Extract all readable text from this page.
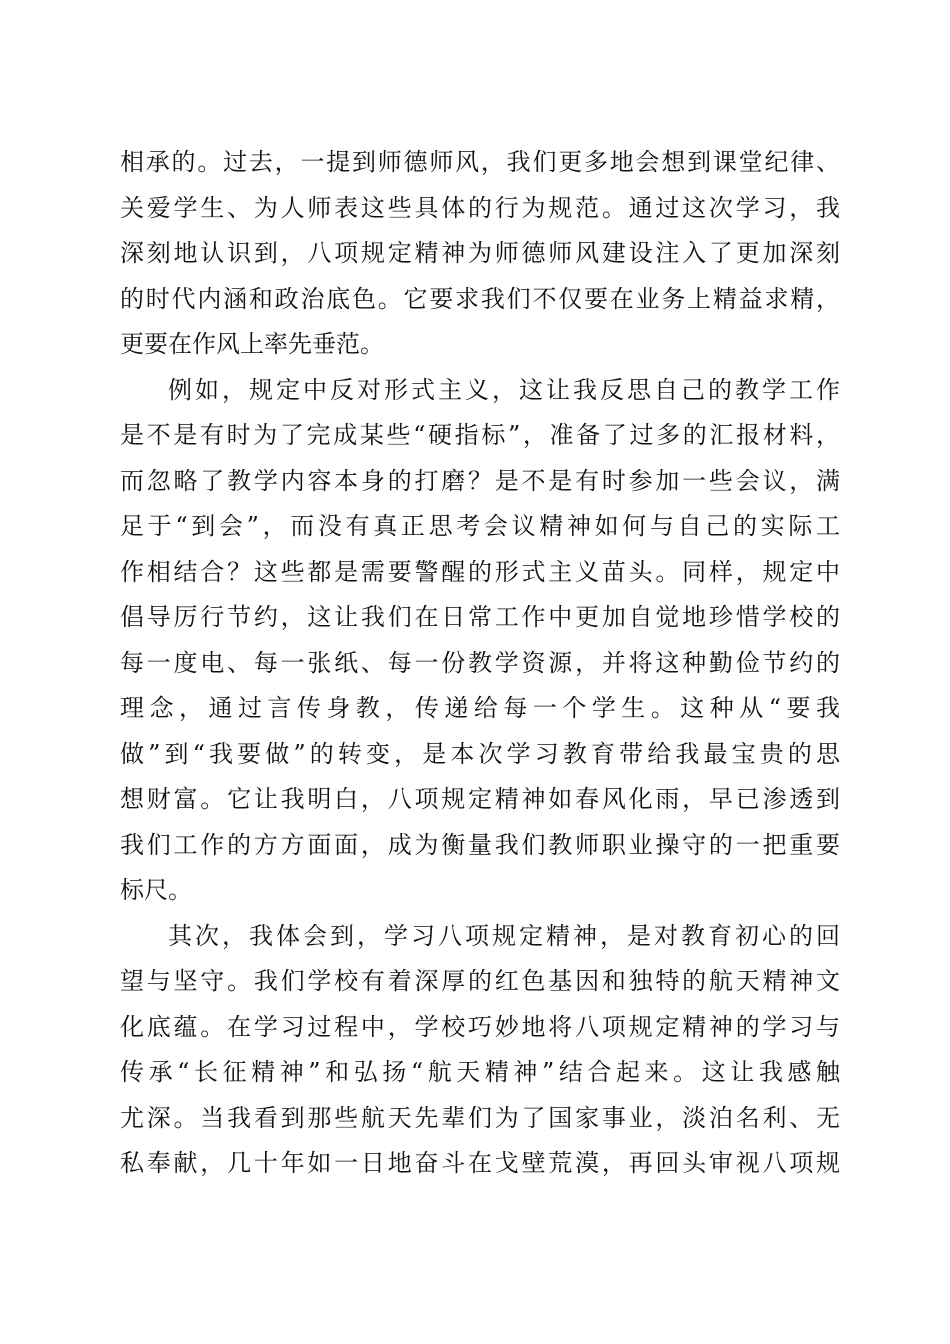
相承的。过去，一提到师德师风，我们更多地会想到课堂纪律、
关爱学生、为人师表这些具体的行为规范。通过这次学习，我
深刻地认识到，八项规定精神为师德师风建设注入了更加深刻
的时代内涵和政治底色。它要求我们不仅要在业务上精益求精，
更要在作风上率先垂范。
例如，规定中反对形式主义，这让我反思自己的教学工作
是不是有时为了完成某些“硬指标”，准备了过多的汇报材料，
而忽略了教学内容本身的打磨？是不是有时参加一些会议，满
足于“到会”，而没有真正思考会议精神如何与自己的实际工
作相结合？这些都是需要警醒的形式主义苗头。同样，规定中
倡导厉行节约，这让我们在日常工作中更加自觉地珍惜学校的
每一度电、每一张纸、每一份教学资源，并将这种勤俭节约的
理念，通过言传身教，传递给每一个学生。这种从“要我
做”到“我要做”的转变，是本次学习教育带给我最宝贵的思
想财富。它让我明白，八项规定精神如春风化雨，早已渗透到
我们工作的方方面面，成为衡量我们教师职业操守的一把重要
标尺。
其次，我体会到，学习八项规定精神，是对教育初心的回
望与坚守。我们学校有着深厚的红色基因和独特的航天精神文
化底蕴。在学习过程中，学校巧妙地将八项规定精神的学习与
传承“长征精神”和弘扬“航天精神”结合起来。这让我感触
尤深。当我看到那些航天先辈们为了国家事业，淡泊名利、无
私奉献，几十年如一日地奋斗在戈壁荒漠，再回头审视八项规
